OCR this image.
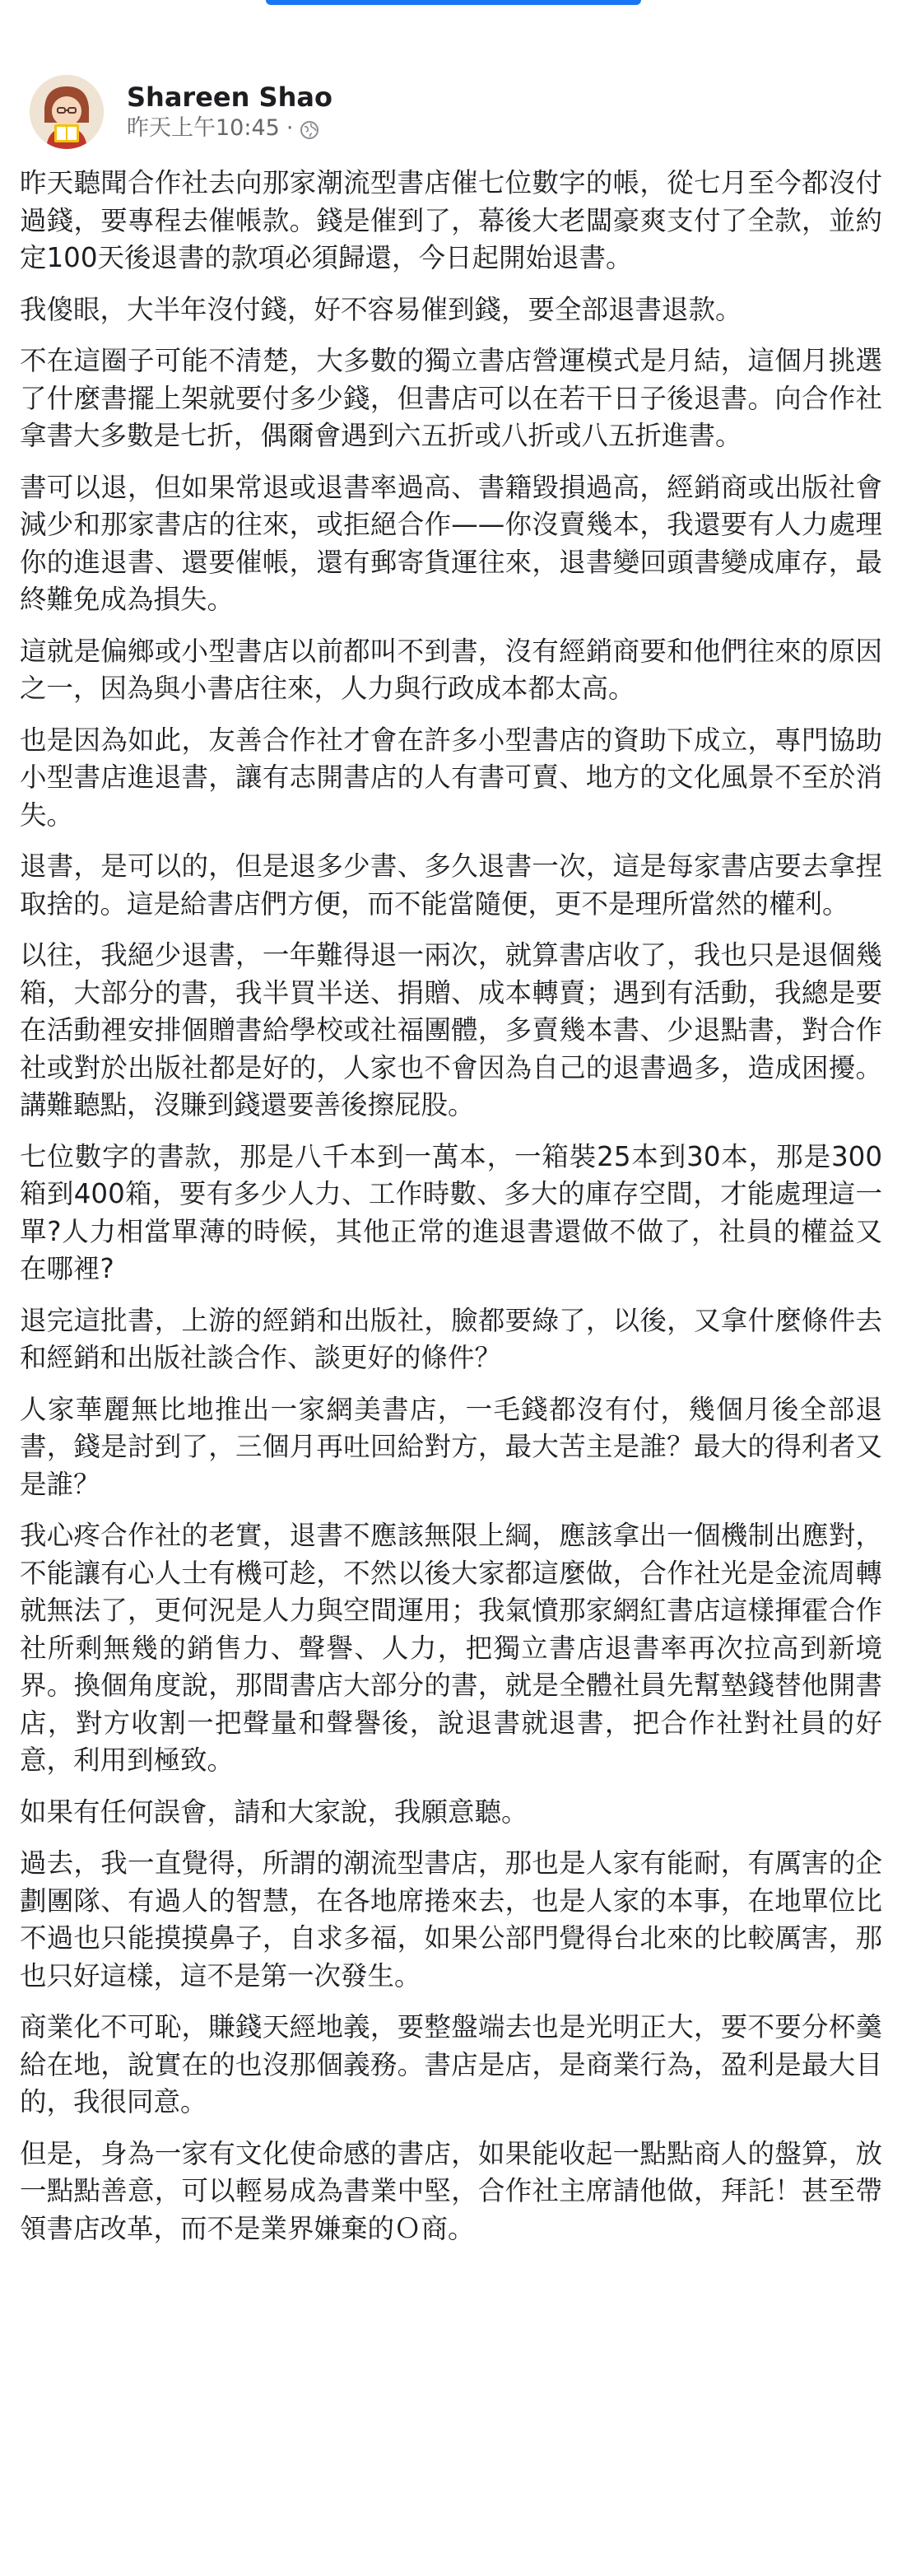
Shareen Shao
昨天上午10:45 ·

昨天聽聞合作社去向那家潮流型書店催七位數字的帳，從七月至今都沒付過錢，要專程去催帳款。錢是催到了，幕後大老闆豪爽支付了全款，並約定100天後退書的款項必須歸還，今日起開始退書。

我傻眼，大半年沒付錢，好不容易催到錢，要全部退書退款。

不在這圈子可能不清楚，大多數的獨立書店營運模式是月結，這個月挑選了什麼書擺上架就要付多少錢，但書店可以在若干日子後退書。向合作社拿書大多數是七折，偶爾會遇到六五折或八折或八五折進書。

書可以退，但如果常退或退書率過高、書籍毀損過高，經銷商或出版社會減少和那家書店的往來，或拒絕合作——你沒賣幾本，我還要有人力處理你的進退書、還要催帳，還有郵寄貨運往來，退書變回頭書變成庫存，最終難免成為損失。

這就是偏鄉或小型書店以前都叫不到書，沒有經銷商要和他們往來的原因之一，因為與小書店往來，人力與行政成本都太高。

也是因為如此，友善合作社才會在許多小型書店的資助下成立，專門協助小型書店進退書，讓有志開書店的人有書可賣、地方的文化風景不至於消失。

退書，是可以的，但是退多少書、多久退書一次，這是每家書店要去拿捏取捨的。這是給書店們方便，而不能當隨便，更不是理所當然的權利。

以往，我絕少退書，一年難得退一兩次，就算書店收了，我也只是退個幾箱，大部分的書，我半買半送、捐贈、成本轉賣；遇到有活動，我總是要在活動裡安排個贈書給學校或社福團體，多賣幾本書、少退點書，對合作社或對於出版社都是好的，人家也不會因為自己的退書過多，造成困擾。講難聽點，沒賺到錢還要善後擦屁股。

七位數字的書款，那是八千本到一萬本，一箱裝25本到30本，那是300箱到400箱，要有多少人力、工作時數、多大的庫存空間，才能處理這一單?人力相當單薄的時候，其他正常的進退書還做不做了，社員的權益又在哪裡?

退完這批書，上游的經銷和出版社，臉都要綠了，以後，又拿什麼條件去和經銷和出版社談合作、談更好的條件？

人家華麗無比地推出一家網美書店，一毛錢都沒有付，幾個月後全部退書，錢是討到了，三個月再吐回給對方，最大苦主是誰？最大的得利者又是誰？

我心疼合作社的老實，退書不應該無限上綱，應該拿出一個機制出應對，不能讓有心人士有機可趁，不然以後大家都這麼做，合作社光是金流周轉就無法了，更何況是人力與空間運用；我氣憤那家網紅書店這樣揮霍合作社所剩無幾的銷售力、聲譽、人力，把獨立書店退書率再次拉高到新境界。換個角度說，那間書店大部分的書，就是全體社員先幫墊錢替他開書店，對方收割一把聲量和聲譽後，說退書就退書，把合作社對社員的好意，利用到極致。

如果有任何誤會，請和大家說，我願意聽。

過去，我一直覺得，所謂的潮流型書店，那也是人家有能耐，有厲害的企劃團隊、有過人的智慧，在各地席捲來去，也是人家的本事，在地單位比不過也只能摸摸鼻子，自求多福，如果公部門覺得台北來的比較厲害，那也只好這樣，這不是第一次發生。

商業化不可恥，賺錢天經地義，要整盤端去也是光明正大，要不要分杯羹給在地，說實在的也沒那個義務。書店是店，是商業行為，盈利是最大目的，我很同意。

但是，身為一家有文化使命感的書店，如果能收起一點點商人的盤算，放一點點善意，可以輕易成為書業中堅，合作社主席請他做，拜託！甚至帶領書店改革，而不是業界嫌棄的Ｏ商。
